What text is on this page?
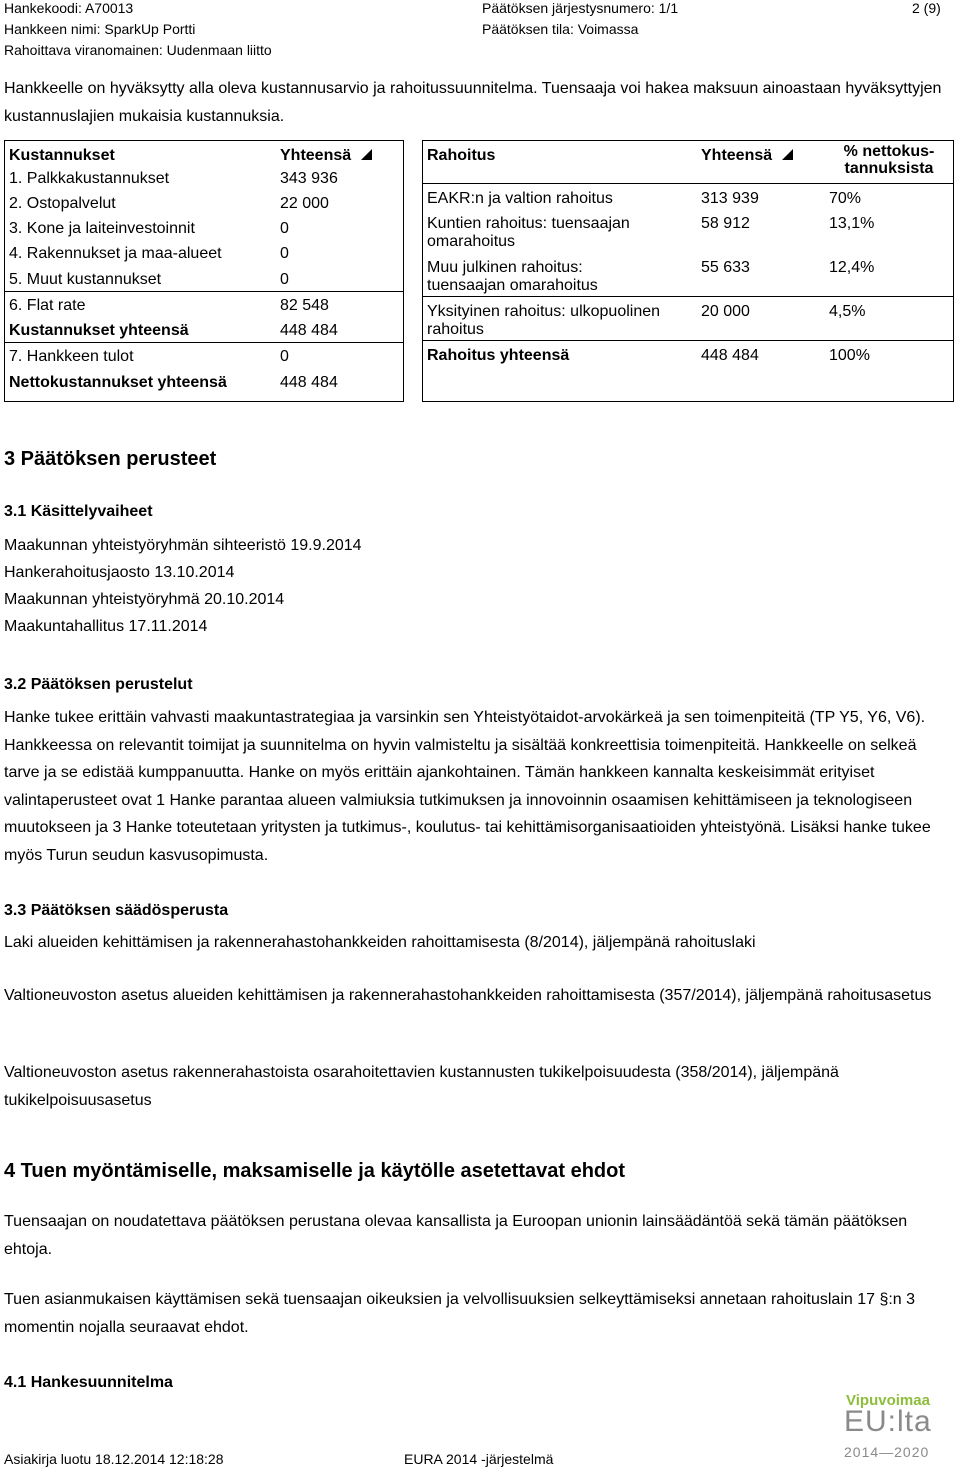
Hankekoodi: A70013
Hankkeen nimi: SparkUp Portti
Rahoittava viranomainen: Uudenmaan liitto
Päätöksen järjestysnumero: 1/1
Päätöksen tila: Voimassa
2 (9)

Hankkeelle on hyväksytty alla oleva kustannusarvio ja rahoitussuunnitelma. Tuensaaja voi hakea maksuun ainoastaan hyväksyttyjen kustannuslajien mukaisia kustannuksia.

Kustannukset	Yhteensä
1. Palkkakustannukset	343 936
2. Ostopalvelut	22 000
3. Kone ja laiteinvestoinnit	0
4. Rakennukset ja maa-alueet	0
5. Muut kustannukset	0
6. Flat rate	82 548
Kustannukset yhteensä	448 484
7. Hankkeen tulot	0
Nettokustannukset yhteensä	448 484
Rahoitus	Yhteensä	% nettokus-
tannuksista
EAKR:n ja valtion rahoitus	313 939	70%
Kuntien rahoitus: tuensaajan
omarahoitus
58 912	13,1%
Muu julkinen rahoitus:
tuensaajan omarahoitus
55 633	12,4%
Yksityinen rahoitus: ulkopuolinen
rahoitus
20 000	4,5%
Rahoitus yhteensä	448 484	100%
3 Päätöksen perusteet
3.1 Käsittelyvaiheet
Maakunnan yhteistyöryhmän sihteeristö 19.9.2014
Hankerahoitusjaosto 13.10.2014
Maakunnan yhteistyöryhmä 20.10.2014
Maakuntahallitus 17.11.2014
3.2 Päätöksen perustelut

Hanke tukee erittäin vahvasti maakuntastrategiaa ja varsinkin sen Yhteistyötaidot-arvokärkeä ja sen toimenpiteitä (TP Y5, Y6, V6). Hankkeessa on relevantit toimijat ja suunnitelma on hyvin valmisteltu ja sisältää konkreettisia toimenpiteitä. Hankkeelle on selkeä tarve ja se edistää kumppanuutta. Hanke on myös erittäin ajankohtainen. Tämän hankkeen kannalta keskeisimmät erityiset valintaperusteet ovat 1 Hanke parantaa alueen valmiuksia tutkimuksen ja innovoinnin osaamisen kehittämiseen ja teknologiseen muutokseen ja 3 Hanke toteutetaan yritysten ja tutkimus-, koulutus- tai kehittämisorganisaatioiden yhteistyönä. Lisäksi hanke tukee myös Turun seudun kasvusopimusta.

3.3 Päätöksen säädösperusta

Laki alueiden kehittämisen ja rakennerahastohankkeiden rahoittamisesta (8/2014), jäljempänä rahoituslaki

Valtioneuvoston asetus alueiden kehittämisen ja rakennerahastohankkeiden rahoittamisesta (357/2014), jäljempänä rahoitusasetus

Valtioneuvoston asetus rakennerahastoista osarahoitettavien kustannusten tukikelpoisuudesta (358/2014), jäljempänä tukikelpoisuusasetus

4 Tuen myöntämiselle, maksamiselle ja käytölle asetettavat ehdot

Tuensaajan on noudatettava päätöksen perustana olevaa kansallista ja Euroopan unionin lainsäädäntöä sekä tämän päätöksen ehtoja.

Tuen asianmukaisen käyttämisen sekä tuensaajan oikeuksien ja velvollisuuksien selkeyttämiseksi annetaan rahoituslain 17 §:n 3 momentin nojalla seuraavat ehdot.

4.1 Hankesuunnitelma
Asiakirja luotu 18.12.2014 12:18:28	EURA 2014 -järjestelmä
Vipuvoimaa
EU:lta
2014—2020
